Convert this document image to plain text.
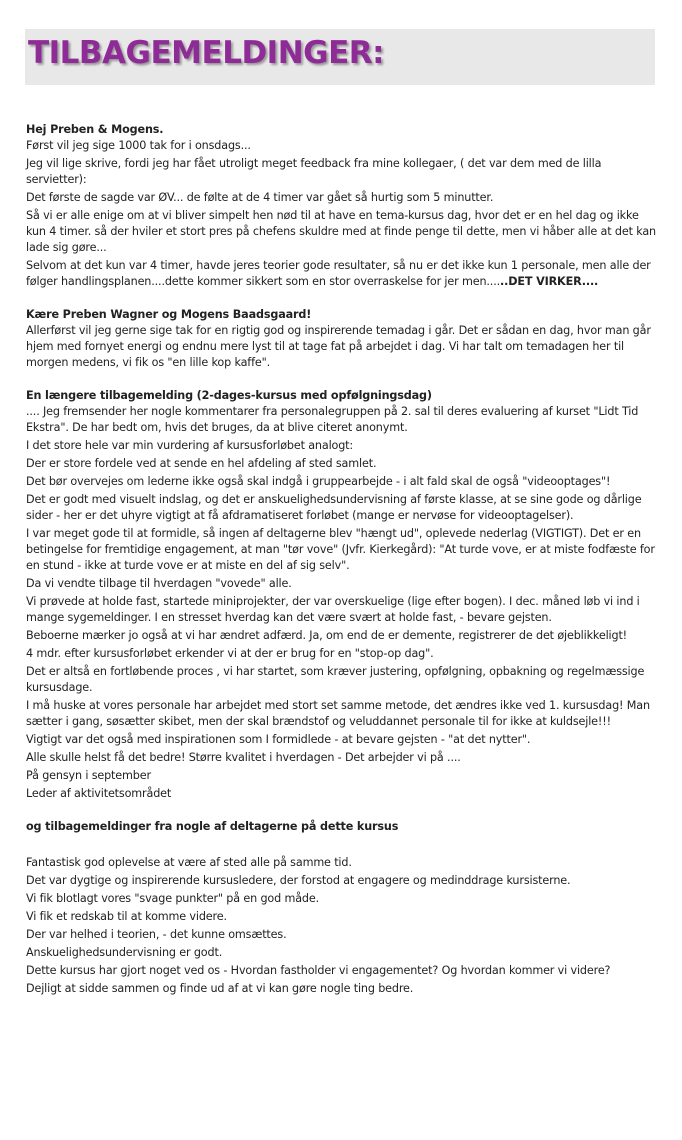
TILBAGEMELDINGER:

Hej Preben & Mogens.

Først vil jeg sige 1000 tak for i onsdags...

Jeg vil lige skrive, fordi jeg har fået utroligt meget feedback fra mine kollegaer, ( det var dem med de lilla servietter):

Det første de sagde var ØV... de følte at de 4 timer var gået så hurtig som 5 minutter.

Så vi er alle enige om at vi bliver simpelt hen nød til at have en tema-kursus dag, hvor det er en hel dag og ikke kun 4 timer. så der hviler et stort pres på chefens skuldre med at finde penge til dette, men vi håber alle at det kan lade sig gøre...

Selvom at det kun var 4 timer, havde jeres teorier gode resultater, så nu er det ikke kun 1 personale, men alle der følger handlingsplanen....dette kommer sikkert som en stor overraskelse for jer men......DET VIRKER....

Kære Preben Wagner og Mogens Baadsgaard!

Allerførst vil jeg gerne sige tak for en rigtig god og inspirerende temadag i går. Det er sådan en dag, hvor man går hjem med fornyet energi og endnu mere lyst til at tage fat på arbejdet i dag. Vi har talt om temadagen her til morgen medens, vi fik os "en lille kop kaffe".

En længere tilbagemelding (2-dages-kursus med opfølgningsdag)

.... Jeg fremsender her nogle kommentarer fra personalegruppen på 2. sal til deres evaluering af kurset "Lidt Tid Ekstra". De har bedt om, hvis det bruges, da at blive citeret anonymt.

I det store hele var min vurdering af kursusforløbet analogt:

Der er store fordele ved at sende en hel afdeling af sted samlet.

Det bør overvejes om lederne ikke også skal indgå i gruppearbejde - i alt fald skal de også "videooptages"!

Det er godt med visuelt indslag, og det er anskuelighedsundervisning af første klasse, at se sine gode og dårlige sider - her er det uhyre vigtigt at få afdramatiseret forløbet (mange er nervøse for videooptagelser).

I var meget gode til at formidle, så ingen af deltagerne blev "hængt ud", oplevede nederlag (VIGTIGT). Det er en betingelse for fremtidige engagement, at man "tør vove" (Jvfr. Kierkegård): "At turde vove, er at miste fodfæste for en stund - ikke at turde vove er at miste en del af sig selv".

Da vi vendte tilbage til hverdagen "vovede" alle.

Vi prøvede at holde fast, startede miniprojekter, der var overskuelige (lige efter bogen). I dec. måned løb vi ind i mange sygemeldinger. I en stresset hverdag kan det være svært at holde fast, - bevare gejsten.

Beboerne mærker jo også at vi har ændret adfærd. Ja, om end de er demente, registrerer de det øjeblikkeligt!

4 mdr. efter kursusforløbet erkender vi at der er brug for en "stop-op dag".

Det er altså en fortløbende proces , vi har startet, som kræver justering, opfølgning, opbakning og regelmæssige kursusdage.

I må huske at vores personale har arbejdet med stort set samme metode, det ændres ikke ved 1. kursusdag! Man sætter i gang, søsætter skibet, men der skal brændstof og veluddannet personale til for ikke at kuldsejle!!!

Vigtigt var det også med inspirationen som I formidlede - at bevare gejsten - "at det nytter".

Alle skulle helst få det bedre! Større kvalitet i hverdagen - Det arbejder vi på ....

På gensyn i september

Leder af aktivitetsområdet

og tilbagemeldinger fra nogle af deltagerne på dette kursus

Fantastisk god oplevelse at være af sted alle på samme tid.

Det var dygtige og inspirerende kursusledere, der forstod at engagere og medinddrage kursisterne.

Vi fik blotlagt vores "svage punkter" på en god måde.

Vi fik et redskab til at komme videre.

Der var helhed i teorien, - det kunne omsættes.

Anskuelighedsundervisning er godt.

Dette kursus har gjort noget ved os - Hvordan fastholder vi engagementet? Og hvordan kommer vi videre?

Dejligt at sidde sammen og finde ud af at vi kan gøre nogle ting bedre.
